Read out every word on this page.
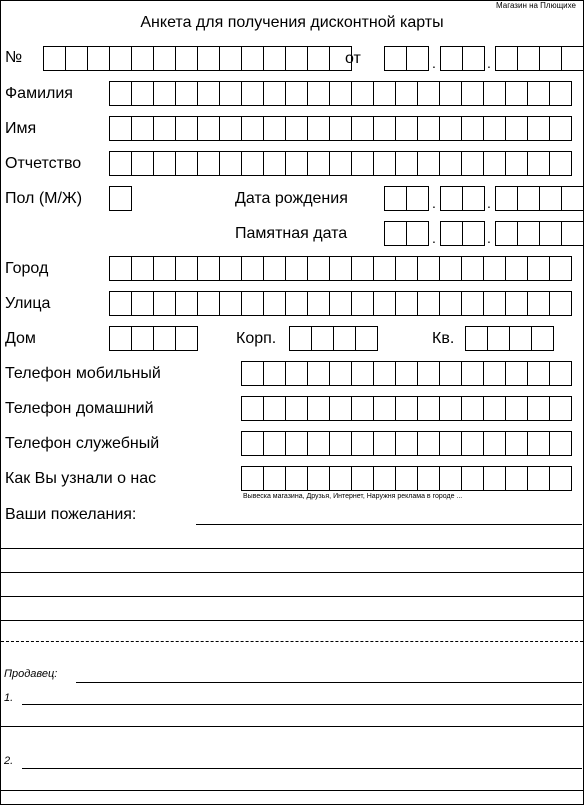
Магазин на Плющихе
Анкета для получения дисконтной карты
№	от	.	.
Фамилия
Имя
Отчетство
Пол (М/Ж)	Дата рождения	.	.
Памятная дата	.	.
Город
Улица
Дом	Корп.	Кв.
Телефон мобильный
Телефон домашний
Телефон служебный
Как Вы узнали о нас
Вывеска магазина, Друзья, Интернет, Наружня реклама в городе ...
Ваши пожелания:
Продавец:
1.
2.
